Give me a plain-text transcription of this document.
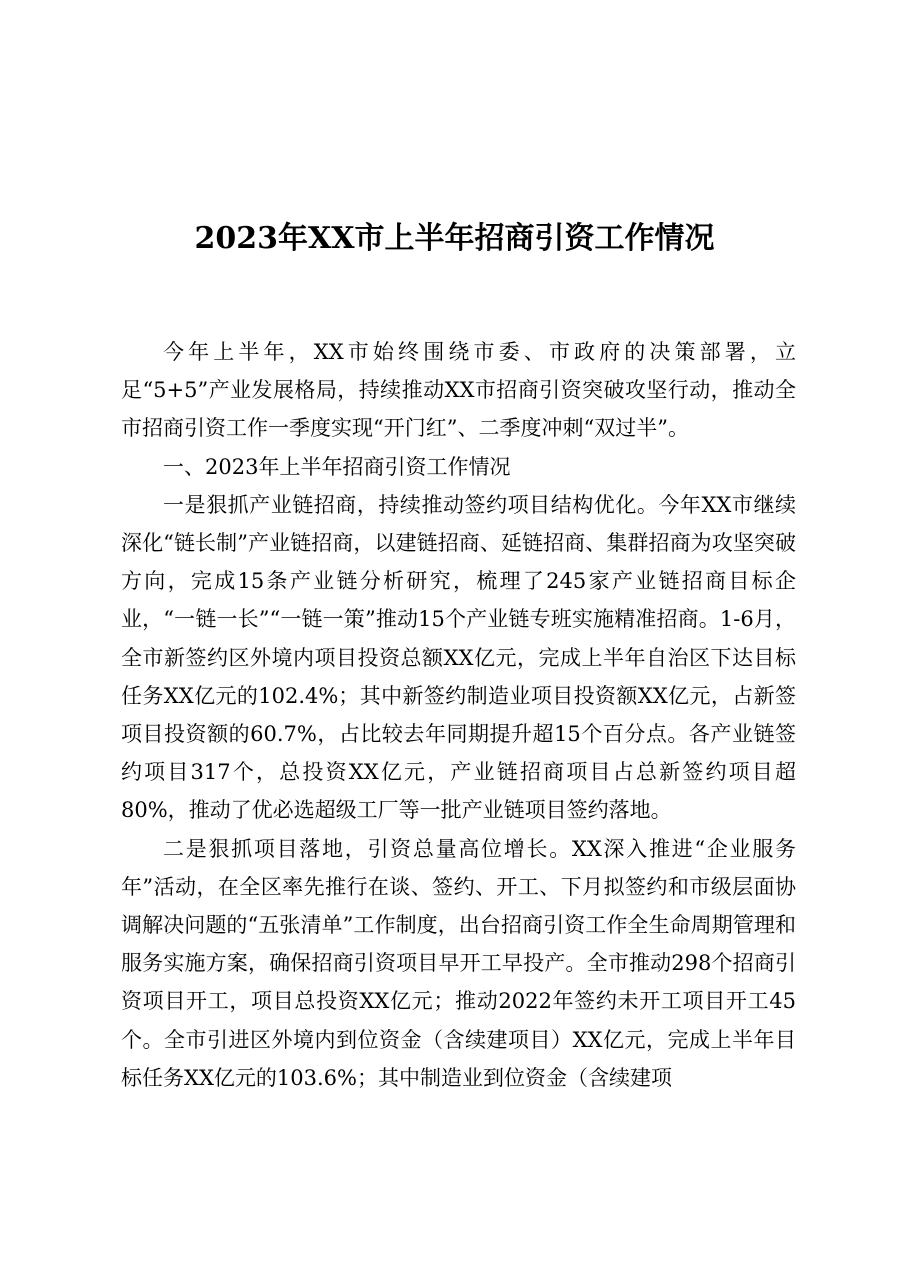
2023年XX市上半年招商引资工作情况

今年上半年，XX市始终围绕市委、市政府的决策部署，立足“5+5”产业发展格局，持续推动XX市招商引资突破攻坚行动，推动全市招商引资工作一季度实现“开门红”、二季度冲刺“双过半”。

一、2023年上半年招商引资工作情况

一是狠抓产业链招商，持续推动签约项目结构优化。今年XX市继续深化“链长制”产业链招商，以建链招商、延链招商、集群招商为攻坚突破方向，完成15条产业链分析研究，梳理了245家产业链招商目标企业，“一链一长”“一链一策”推动15个产业链专班实施精准招商。1-6月，全市新签约区外境内项目投资总额XX亿元，完成上半年自治区下达目标任务XX亿元的102.4%；其中新签约制造业项目投资额XX亿元，占新签项目投资额的60.7%，占比较去年同期提升超15个百分点。各产业链签约项目317个，总投资XX亿元，产业链招商项目占总新签约项目超80%，推动了优必选超级工厂等一批产业链项目签约落地。

二是狠抓项目落地，引资总量高位增长。XX深入推进“企业服务年”活动，在全区率先推行在谈、签约、开工、下月拟签约和市级层面协调解决问题的“五张清单”工作制度，出台招商引资工作全生命周期管理和服务实施方案，确保招商引资项目早开工早投产。全市推动298个招商引资项目开工，项目总投资XX亿元；推动2022年签约未开工项目开工45个。全市引进区外境内到位资金（含续建项目）XX亿元，完成上半年目标任务XX亿元的103.6%；其中制造业到位资金（含续建项
